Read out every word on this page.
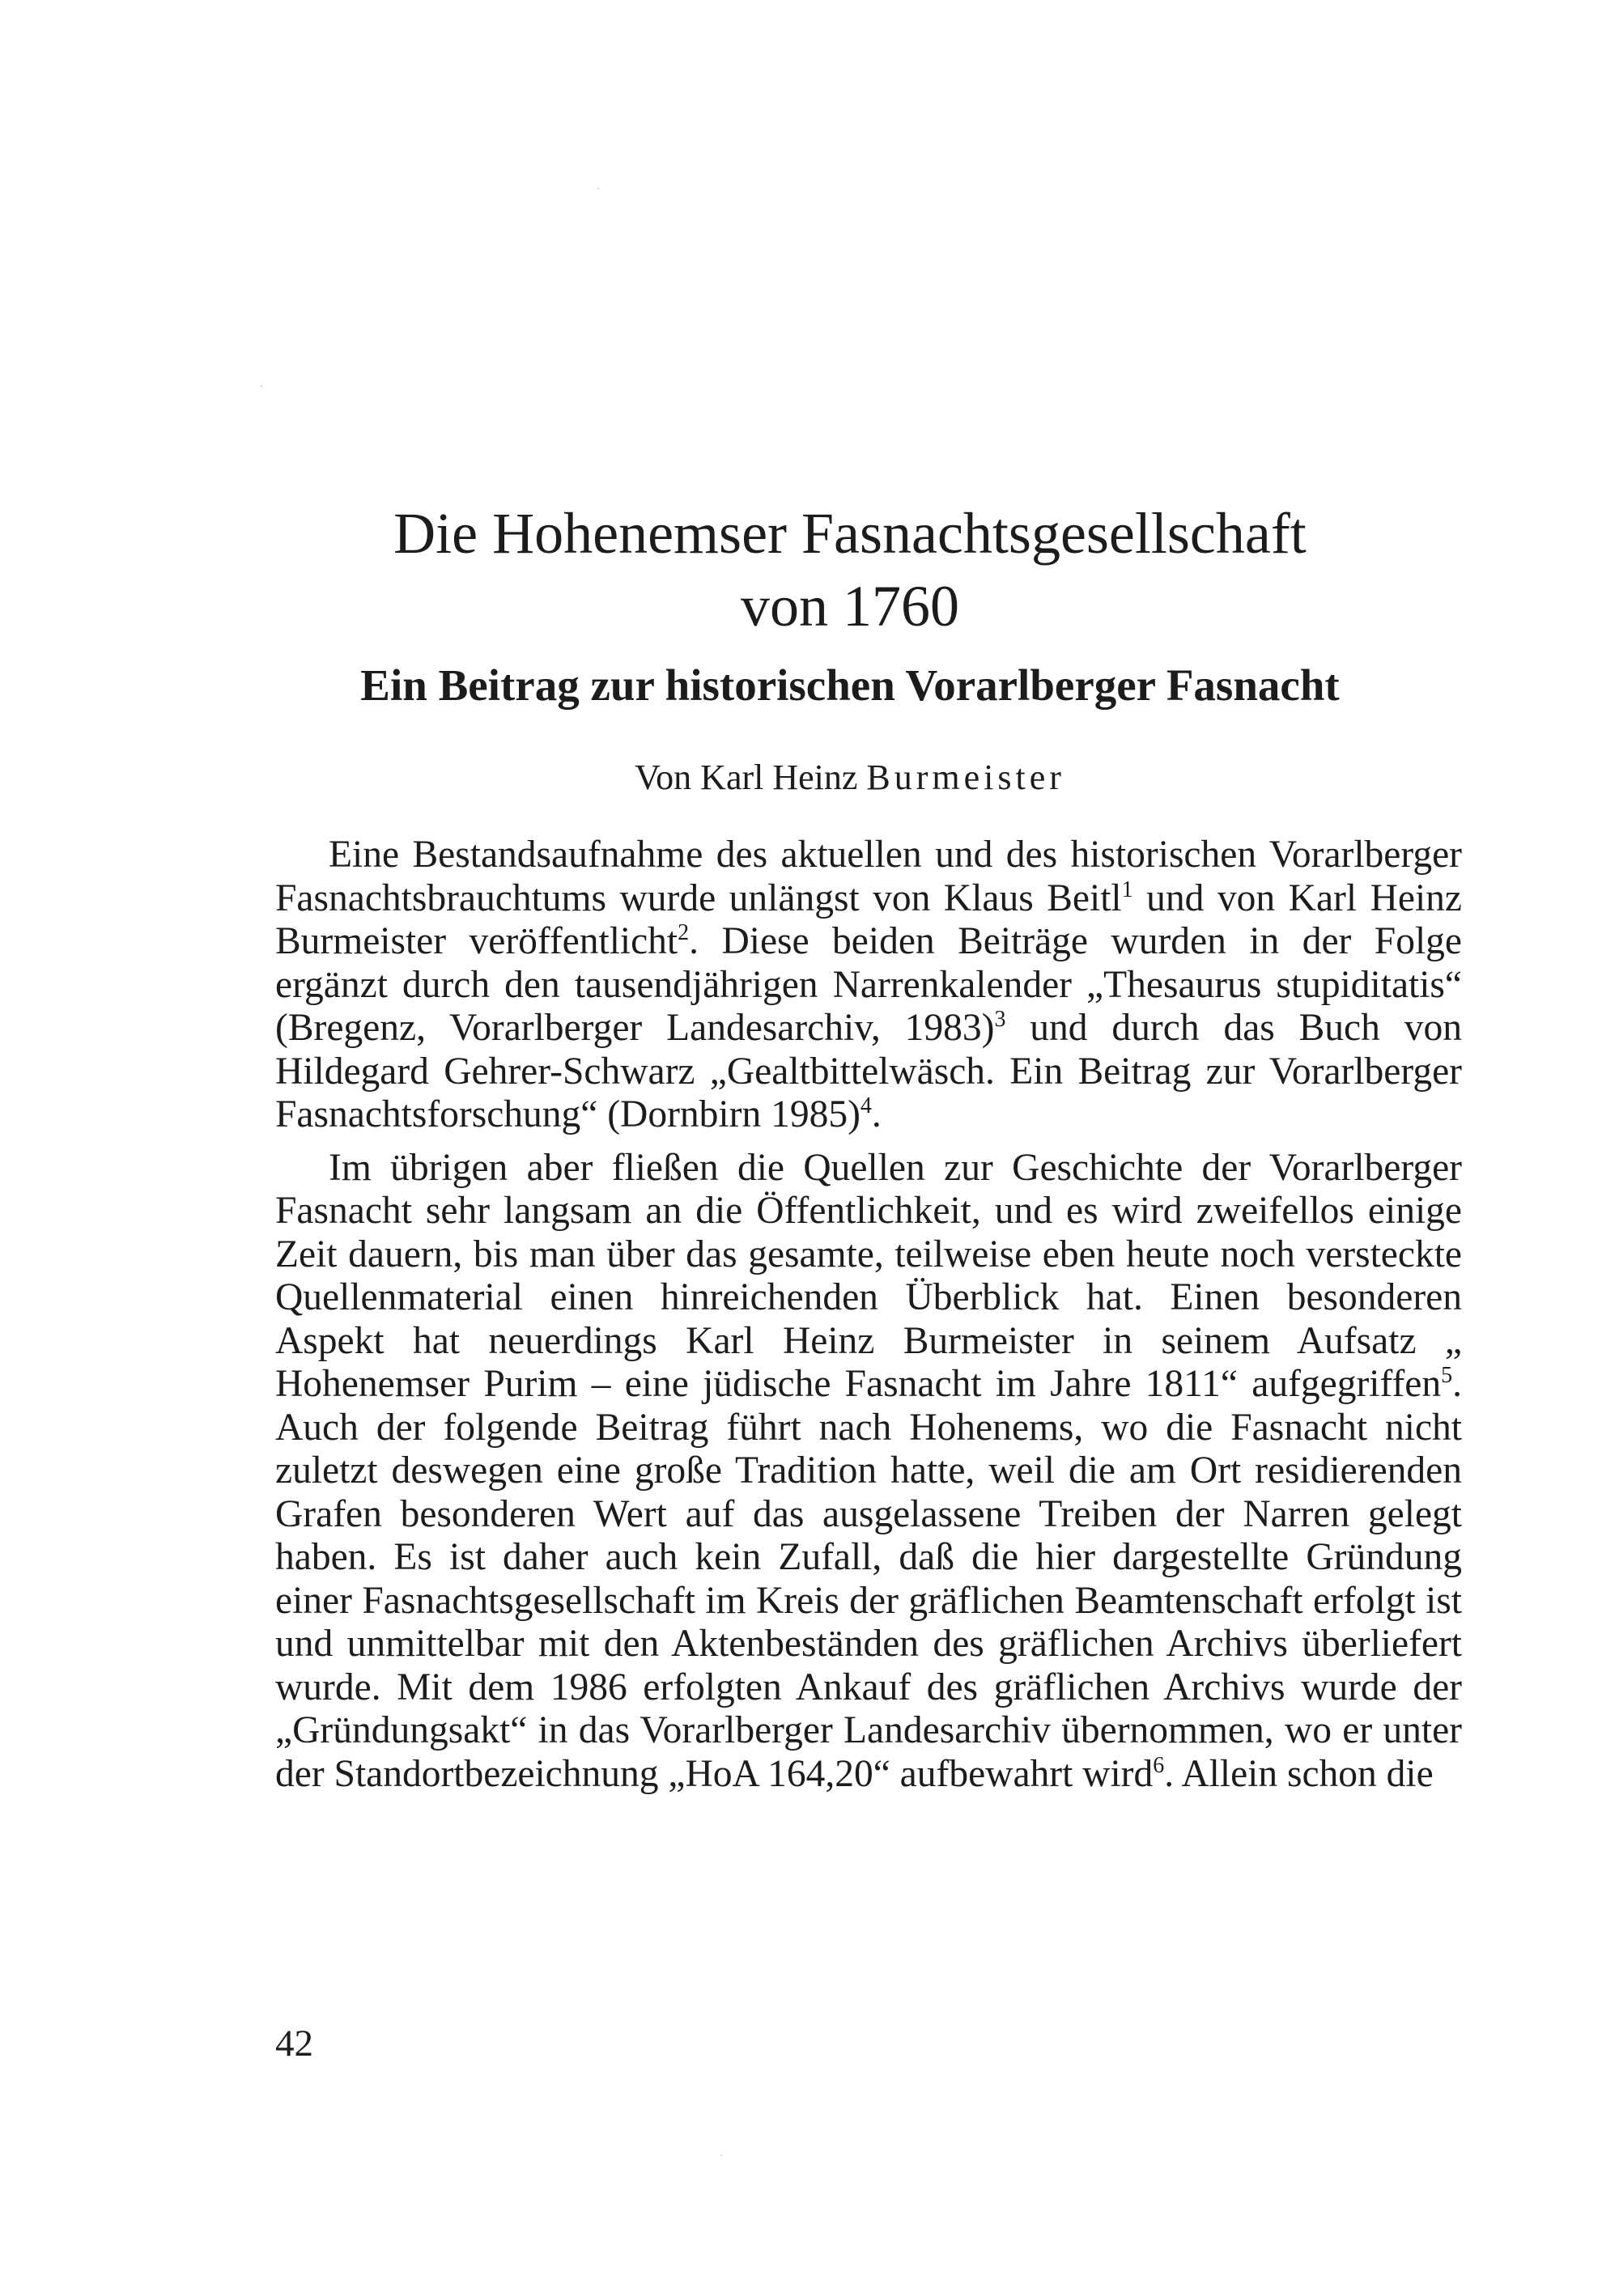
Die Hohenemser Fasnachtsgesellschaft
von 1760
Ein Beitrag zur historischen Vorarlberger Fasnacht

Von Karl Heinz Burmeister

Eine Bestandsaufnahme des aktuellen und des historischen Vorarlberger Fasnachtsbrauchtums wurde unlängst von Klaus Beitl$^1$ und von Karl Heinz Burmeister veröffentlicht$^2$. Diese beiden Beiträge wurden in der Folge ergänzt durch den tausendjährigen Narrenkalender „Thesaurus stupiditatis“ (Bregenz, Vorarlberger Landesarchiv, 1983)$^3$ und durch das Buch von Hildegard Gehrer-Schwarz „Gealtbittelwäsch. Ein Beitrag zur Vorarlberger Fasnachtsforschung“ (Dornbirn 1985)$^4$.

Im übrigen aber fließen die Quellen zur Geschichte der Vorarlberger Fasnacht sehr langsam an die Öffentlichkeit, und es wird zweifellos einige Zeit dauern, bis man über das gesamte, teilweise eben heute noch versteckte Quellenmaterial einen hinreichenden Überblick hat. Einen besonderen Aspekt hat neuerdings Karl Heinz Burmeister in seinem Aufsatz „ Hohenemser Purim – eine jüdische Fasnacht im Jahre 1811“ aufgegriffen$^5$. Auch der folgende Beitrag führt nach Hohenems, wo die Fasnacht nicht zuletzt deswegen eine große Tradition hatte, weil die am Ort residierenden Grafen besonderen Wert auf das ausgelassene Treiben der Narren gelegt haben. Es ist daher auch kein Zufall, daß die hier dargestellte Gründung einer Fasnachtsgesellschaft im Kreis der gräflichen Beamtenschaft erfolgt ist und unmittelbar mit den Aktenbeständen des gräflichen Archivs überliefert wurde. Mit dem 1986 erfolgten Ankauf des gräflichen Archivs wurde der „Gründungsakt“ in das Vorarlberger Landesarchiv übernommen, wo er unter der Standortbezeichnung „HoA 164,20“ aufbewahrt wird$^6$. Allein schon die

42
